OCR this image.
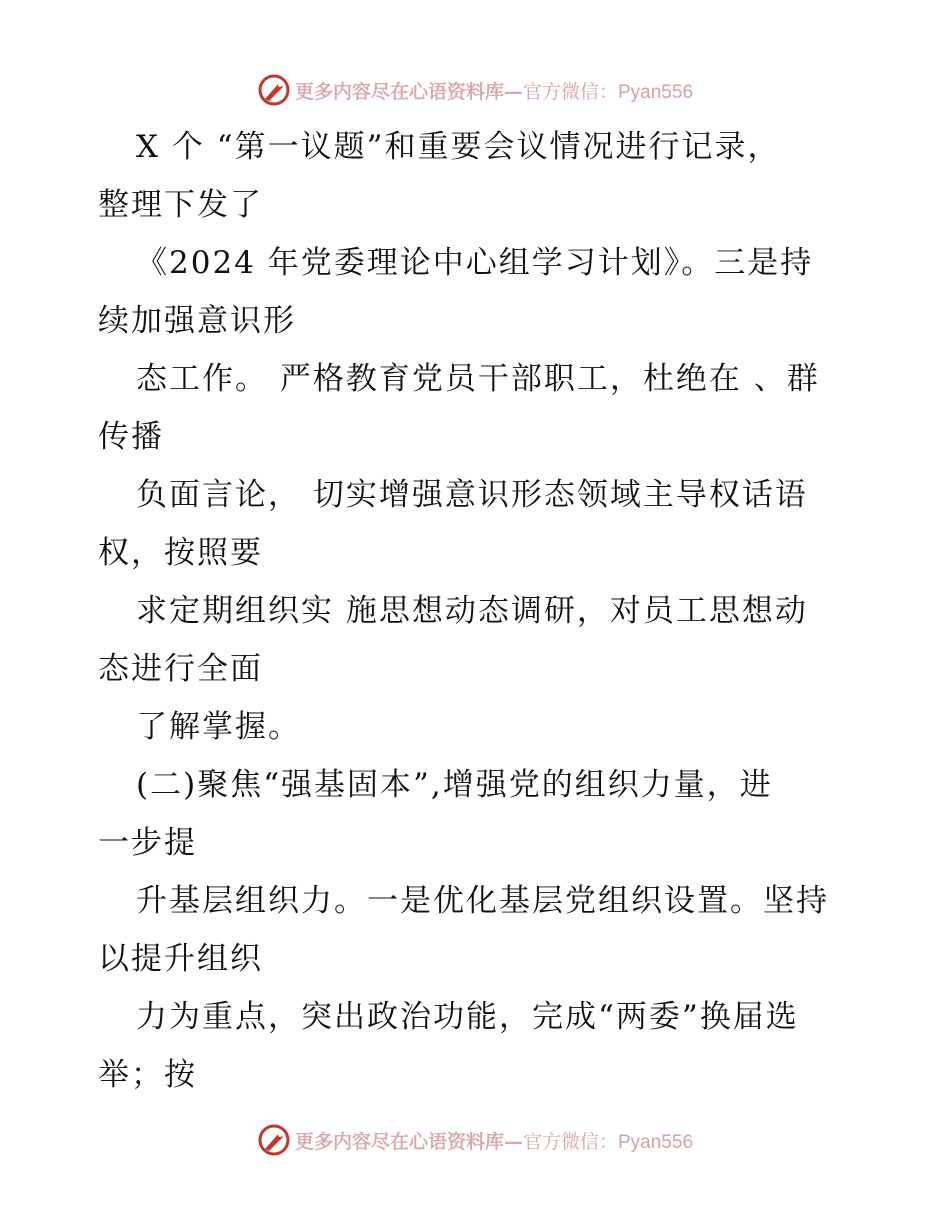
更多内容尽在心语资料库—官方微信：Pyan556
X 个 “第一议题”和重要会议情况进行记录，
整理下发了
《2024 年党委理论中心组学习计划》。三是持
续加强意识形
态工作。 严格教育党员干部职工，杜绝在 、群
传播
负面言论， 切实增强意识形态领域主导权话语
权，按照要
求定期组织实 施思想动态调研，对员工思想动
态进行全面
了解掌握。
(二)聚焦“强基固本”,增强党的组织力量，进
一步提
升基层组织力。一是优化基层党组织设置。坚持
以提升组织
力为重点，突出政治功能，完成“两委”换届选
举；按
更多内容尽在心语资料库—官方微信：Pyan556
